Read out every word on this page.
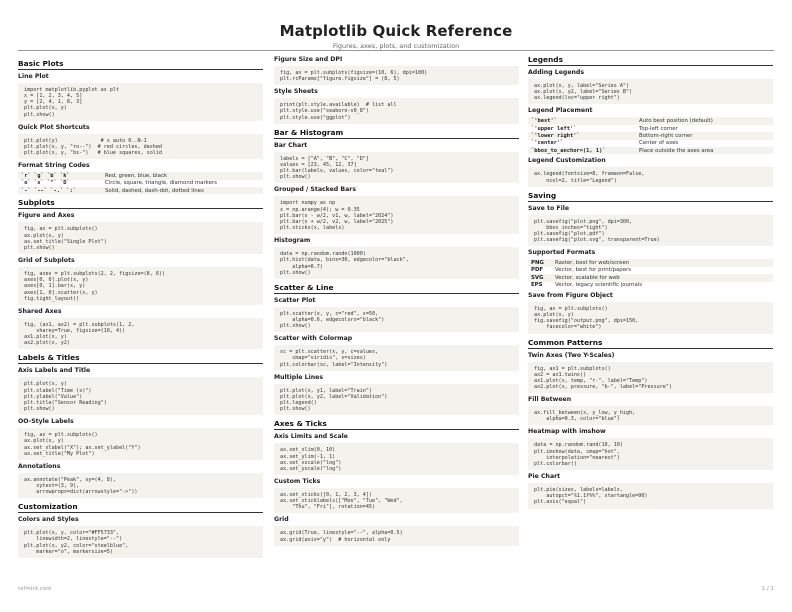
Matplotlib Quick Reference
Figures, axes, plots, and customization
Basic Plots
Line Plot
import matplotlib.pyplot as plt
x = [1, 2, 3, 4, 5]
y = [2, 4, 1, 8, 3]
plt.plot(x, y)
plt.show()
Quick Plot Shortcuts
plt.plot(y)              # x auto 0..N-1
plt.plot(x, y, "ro--")  # red circles, dashed
plt.plot(x, y, "bs-")   # blue squares, solid
Format String Codes
`r` `g` `b` `k`	Red, green, blue, black
`o` `s` `^` `D`	Circle, square, triangle, diamond markers
`-` `--` `-.` `:`	Solid, dashed, dash-dot, dotted lines
Subplots
Figure and Axes
fig, ax = plt.subplots()
ax.plot(x, y)
ax.set_title("Single Plot")
plt.show()
Grid of Subplots
fig, axes = plt.subplots(2, 2, figsize=(8, 6))
axes[0, 0].plot(x, y)
axes[0, 1].bar(x, y)
axes[1, 0].scatter(x, y)
fig.tight_layout()
Shared Axes
fig, (ax1, ax2) = plt.subplots(1, 2,
sharey=True, figsize=(10, 4))
ax1.plot(x, y)
ax2.plot(x, y2)
Labels & Titles
Axis Labels and Title
plt.plot(x, y)
plt.xlabel("Time (s)")
plt.ylabel("Value")
plt.title("Sensor Reading")
plt.show()
OO-Style Labels
fig, ax = plt.subplots()
ax.plot(x, y)
ax.set_xlabel("X"); ax.set_ylabel("Y")
ax.set_title("My Plot")
Annotations
ax.annotate("Peak", xy=(4, 8),
xytext=(3, 9),
arrowprops=dict(arrowstyle="->"))
Customization
Colors and Styles
plt.plot(x, y, color="#FF5733",
linewidth=2, linestyle="--")
plt.plot(x, y2, color="steelblue",
marker="o", markersize=5)
Figure Size and DPI
fig, ax = plt.subplots(figsize=(10, 6), dpi=100)
plt.rcParams["figure.figsize"] = (8, 5)
Style Sheets
print(plt.style.available)  # list all
plt.style.use("seaborn-v0_8")
plt.style.use("ggplot")
Bar & Histogram
Bar Chart
labels = ["A", "B", "C", "D"]
values = [23, 45, 12, 37]
plt.bar(labels, values, color="teal")
plt.show()
Grouped / Stacked Bars
import numpy as np
x = np.arange(4); w = 0.35
plt.bar(x - w/2, v1, w, label="2024")
plt.bar(x + w/2, v2, w, label="2025")
plt.xticks(x, labels)
Histogram
data = np.random.randn(1000)
plt.hist(data, bins=30, edgecolor="black",
alpha=0.7)
plt.show()
Scatter & Line
Scatter Plot
plt.scatter(x, y, c="red", s=50,
alpha=0.6, edgecolors="black")
plt.show()
Scatter with Colormap
sc = plt.scatter(x, y, c=values,
cmap="viridis", s=sizes)
plt.colorbar(sc, label="Intensity")
Multiple Lines
plt.plot(x, y1, label="Train")
plt.plot(x, y2, label="Validation")
plt.legend()
plt.show()
Axes & Ticks
Axis Limits and Scale
ax.set_xlim(0, 10)
ax.set_ylim(-1, 1)
ax.set_xscale("log")
ax.set_yscale("log")
Custom Ticks
ax.set_xticks([0, 1, 2, 3, 4])
ax.set_xticklabels(["Mon", "Tue", "Wed",
"Thu", "Fri"], rotation=45)
Grid
ax.grid(True, linestyle="--", alpha=0.5)
ax.grid(axis="y")  # horizontal only
Legends
Adding Legends
ax.plot(x, y, label="Series A")
ax.plot(x, y2, label="Series B")
ax.legend(loc="upper right")
Legend Placement
`'best'`	Auto best position (default)
`'upper left'`	Top-left corner
`'lower right'`	Bottom-right corner
`'center'`	Center of axes
`bbox_to_anchor=(1, 1)`	Place outside the axes area
Legend Customization
ax.legend(fontsize=8, frameon=False,
ncol=2, title="Legend")
Saving
Save to File
plt.savefig("plot.png", dpi=300,
bbox_inches="tight")
plt.savefig("plot.pdf")
plt.savefig("plot.svg", transparent=True)
Supported Formats
PNG	Raster, best for web/screen
PDF	Vector, best for print/papers
SVG	Vector, scalable for web
EPS	Vector, legacy scientific journals
Save from Figure Object
fig, ax = plt.subplots()
ax.plot(x, y)
fig.savefig("output.png", dpi=150,
facecolor="white")
Common Patterns
Twin Axes (Two Y-Scales)
fig, ax1 = plt.subplots()
ax2 = ax1.twinx()
ax1.plot(x, temp, "r-", label="Temp")
ax2.plot(x, pressure, "b-", label="Pressure")
Fill Between
ax.fill_between(x, y_low, y_high,
alpha=0.3, color="blue")
Heatmap with imshow
data = np.random.rand(10, 10)
plt.imshow(data, cmap="hot",
interpolation="nearest")
plt.colorbar()
Pie Chart
plt.pie(sizes, labels=labels,
autopct="%1.1f%%", startangle=90)
plt.axis("equal")
refmint.com	1 / 1
